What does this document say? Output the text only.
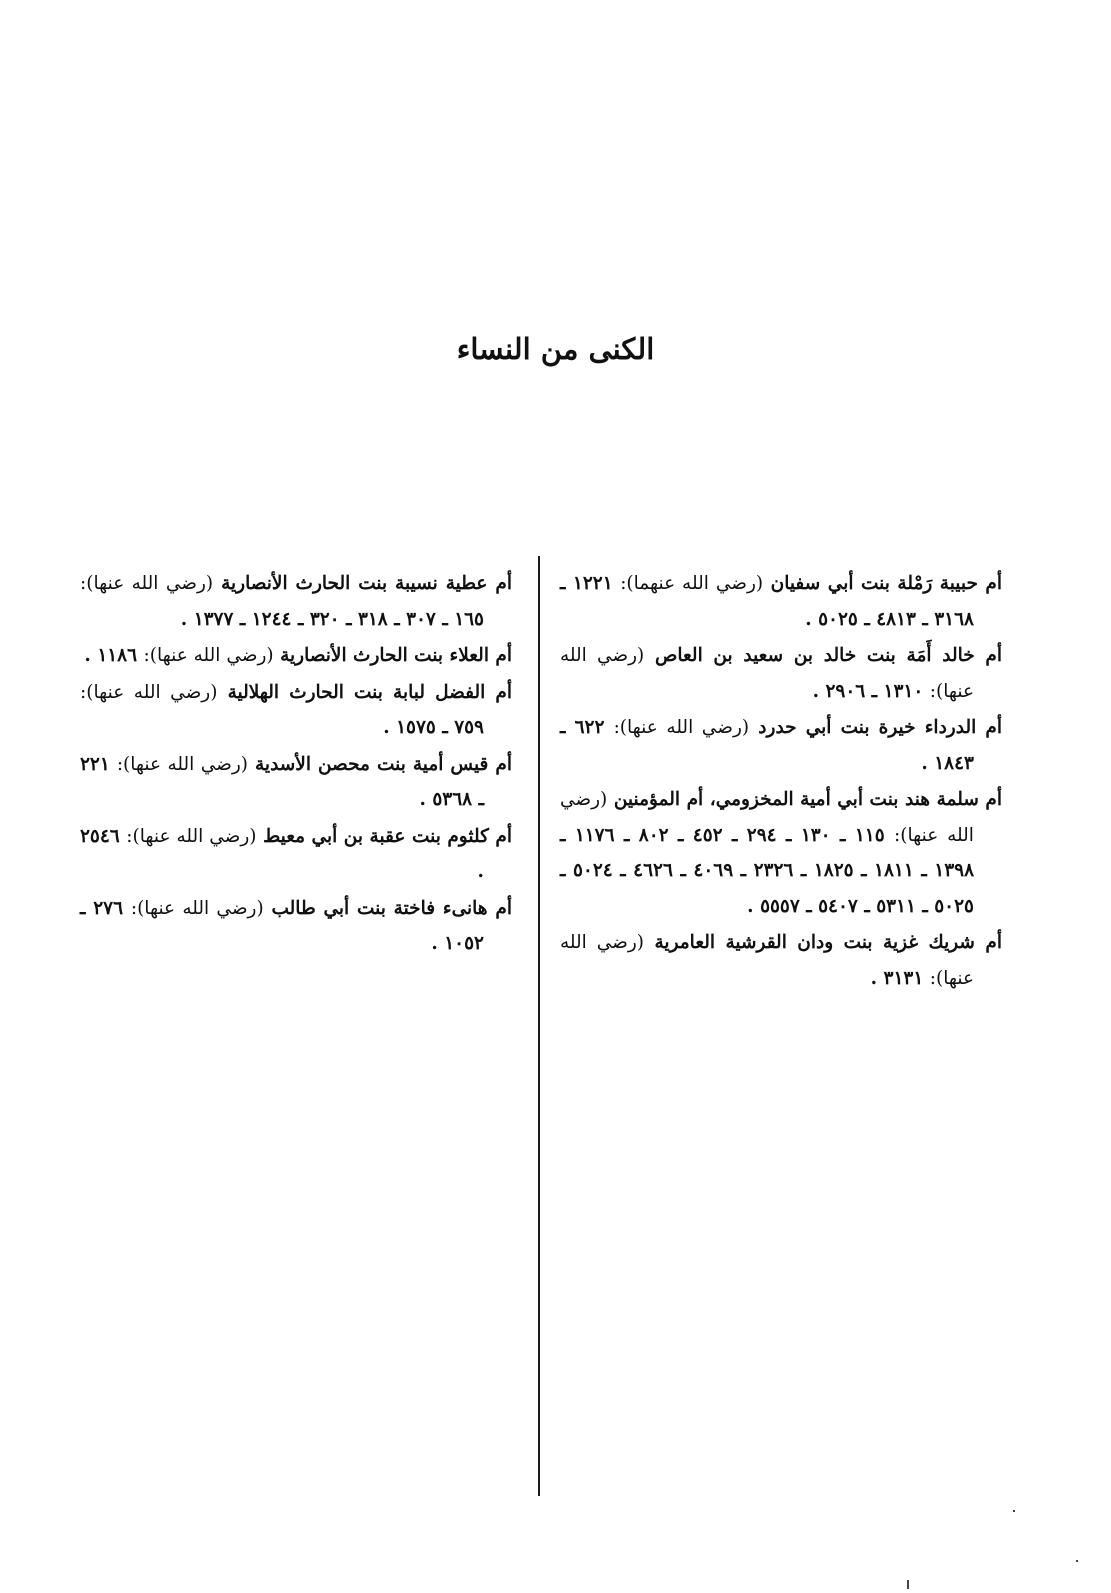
الكنى من النساء

أم حبيبة رَمْلة بنت أبي سفيان (رضي الله عنهما): ١٢٢١ ـ ٣١٦٨ ـ ٤٨١٣ ـ ٥٠٢٥ .

أم خالد أَمَة بنت خالد بن سعيد بن العاص (رضي الله عنها): ١٣١٠ ـ ٢٩٠٦ .

أم الدرداء خيرة بنت أبي حدرد (رضي الله عنها): ٦٢٢ ـ ١٨٤٣ .

أم سلمة هند بنت أبي أمية المخزومي، أم المؤمنين (رضي الله عنها): ١١٥ ـ ١٣٠ ـ ٢٩٤ ـ ٤٥٢ ـ ٨٠٢ ـ ١١٧٦ ـ ١٣٩٨ ـ ١٨١١ ـ ١٨٢٥ ـ ٢٣٢٦ ـ ٤٠٦٩ ـ ٤٦٢٦ ـ ٥٠٢٤ ـ ٥٠٢٥ ـ ٥٣١١ ـ ٥٤٠٧ ـ ٥٥٥٧ .

أم شريك غزية بنت ودان القرشية العامرية (رضي الله عنها): ٣١٣١ .

أم عطية نسيبة بنت الحارث الأنصارية (رضي الله عنها): ١٦٥ ـ ٣٠٧ ـ ٣١٨ ـ ٣٢٠ ـ ١٢٤٤ ـ ١٣٧٧ .

أم العلاء بنت الحارث الأنصارية (رضي الله عنها): ١١٨٦ .

أم الفضل لبابة بنت الحارث الهلالية (رضي الله عنها): ٧٥٩ ـ ١٥٧٥ .

أم قيس أمية بنت محصن الأسدية (رضي الله عنها): ٢٢١ ـ ٥٣٦٨ .

أم كلثوم بنت عقبة بن أبي معيط (رضي الله عنها): ٢٥٤٦ .

أم هانىء فاختة بنت أبي طالب (رضي الله عنها): ٢٧٦ ـ ١٠٥٢ .
